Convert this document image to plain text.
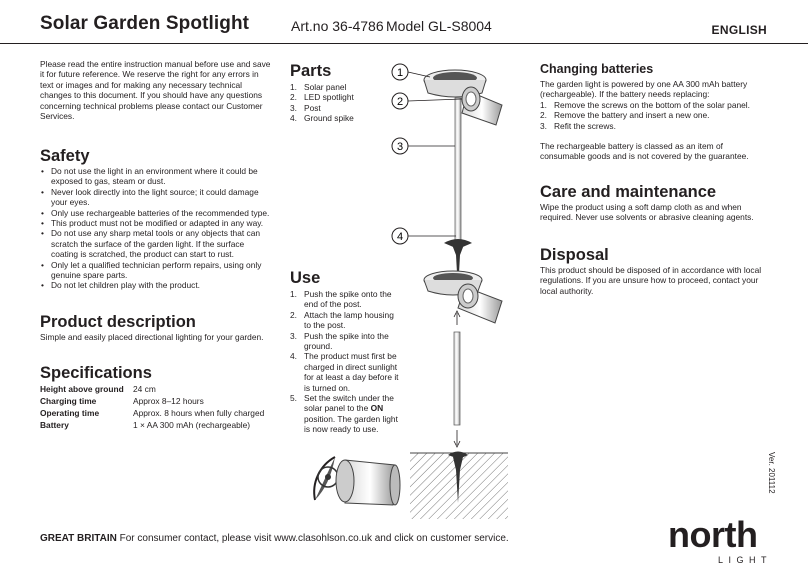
Solar Garden Spotlight	Art.no 36-4786 Model GL-S8004	ENGLISH

Please read the entire instruction manual before use and save it for future reference. We reserve the right for any errors in text or images and for making any necessary technical changes to this document. If you should have any questions concerning technical problems please contact our Customer Services.

Safety
• Do not use the light in an environment where it could be exposed to gas, steam or dust.
• Never look directly into the light source; it could damage your eyes.
• Only use rechargeable batteries of the recommended type.
• This product must not be modified or adapted in any way.
• Do not use any sharp metal tools or any objects that can scratch the surface of the garden light. If the surface coating is scratched, the product can start to rust.
• Only let a qualified technician perform repairs, using only genuine spare parts.
• Do not let children play with the product.
Product description

Simple and easily placed directional lighting for your garden.

Specifications
Height above ground	24 cm
Charging time	Approx 8–12 hours
Operating time	Approx. 8 hours when fully charged
Battery	1 × AA 300 mAh (rechargeable)
Parts
1. Solar panel
2. LED spotlight
3. Post
4. Ground spike
Use
1. Push the spike onto the end of the post.
2. Attach the lamp housing to the post.
3. Push the spike into the ground.
4. The product must first be charged in direct sunlight for at least a day before it is turned on.
5. Set the switch under the solar panel to the ON position. The garden light is now ready to use.
1
2
3
4
Changing batteries

The garden light is powered by one AA 300 mAh battery (rechargeable). If the battery needs replacing:

1. Remove the screws on the bottom of the solar panel.
2. Remove the battery and insert a new one.
3. Refit the screws.

The rechargeable battery is classed as an item of consumable goods and is not covered by the guarantee.

Care and maintenance

Wipe the product using a soft damp cloth as and when required. Never use solvents or abrasive cleaning agents.

Disposal

This product should be disposed of in accordance with local regulations. If you are unsure how to proceed, contact your local authority.

Ver. 201112
GREAT BRITAIN For consumer contact, please visit www.clasohlson.co.uk and click on customer service.	north
LIGHT
